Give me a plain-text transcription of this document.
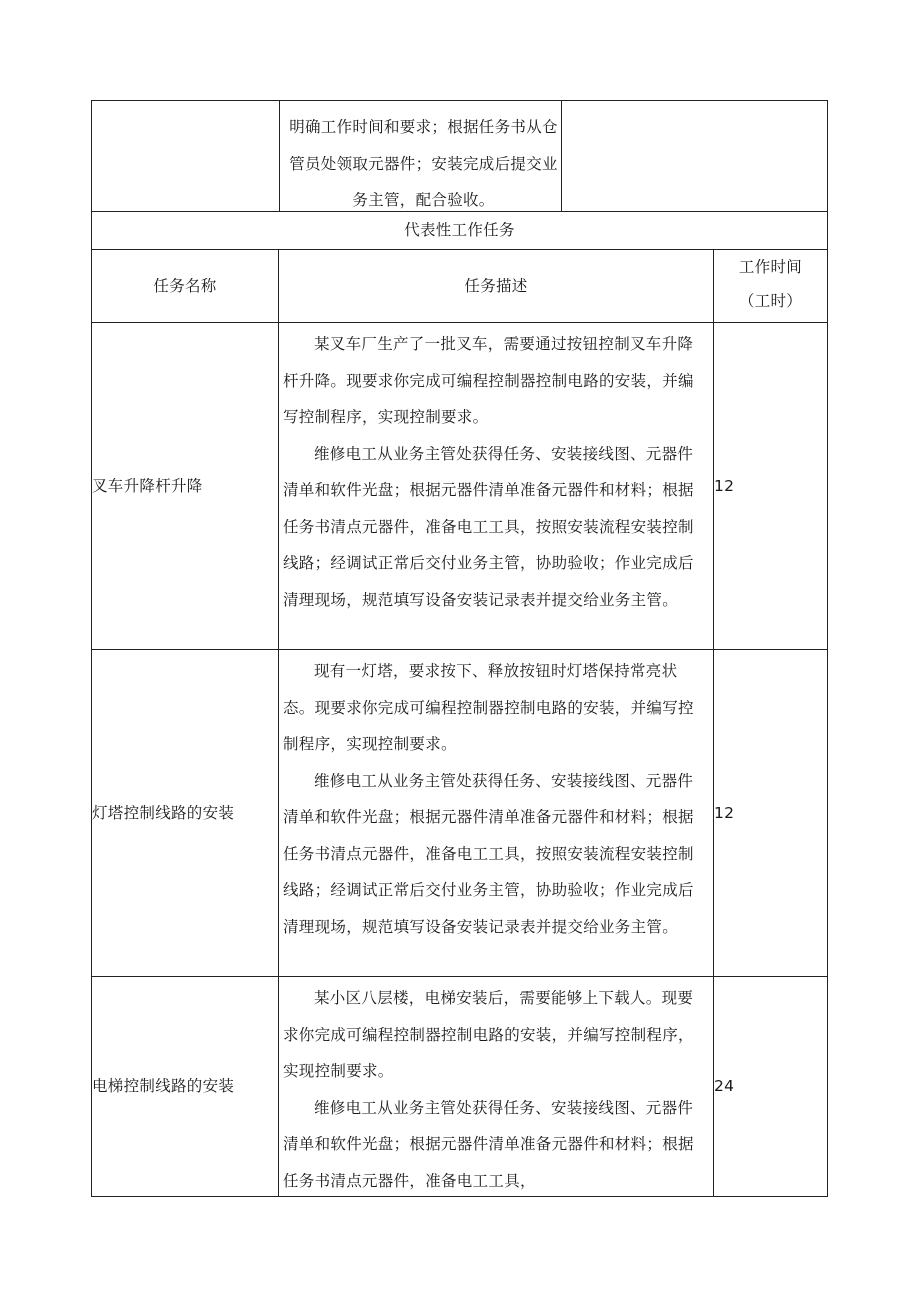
明确工作时间和要求；根据任务书从仓管员处领取元器件；安装完成后提交业务主管，配合验收。
代表性工作任务
任务名称	任务描述
工作时间
（工时）
叉车升降杆升降

某叉车厂生产了一批叉车，需要通过按钮控制叉车升降杆升降。现要求你完成可编程控制器控制电路的安装，并编写控制程序，实现控制要求。

维修电工从业务主管处获得任务、安装接线图、元器件清单和软件光盘；根据元器件清单准备元器件和材料；根据任务书清点元器件，准备电工工具，按照安装流程安装控制线路；经调试正常后交付业务主管，协助验收；作业完成后清理现场，规范填写设备安装记录表并提交给业务主管。

12
灯塔控制线路的安装

现有一灯塔，要求按下、释放按钮时灯塔保持常亮状态。现要求你完成可编程控制器控制电路的安装，并编写控制程序，实现控制要求。

维修电工从业务主管处获得任务、安装接线图、元器件清单和软件光盘；根据元器件清单准备元器件和材料；根据任务书清点元器件，准备电工工具，按照安装流程安装控制线路；经调试正常后交付业务主管，协助验收；作业完成后清理现场，规范填写设备安装记录表并提交给业务主管。

12
电梯控制线路的安装

某小区八层楼，电梯安装后，需要能够上下载人。现要求你完成可编程控制器控制电路的安装，并编写控制程序，实现控制要求。

维修电工从业务主管处获得任务、安装接线图、元器件清单和软件光盘；根据元器件清单准备元器件和材料；根据任务书清点元器件，准备电工工具，

24
